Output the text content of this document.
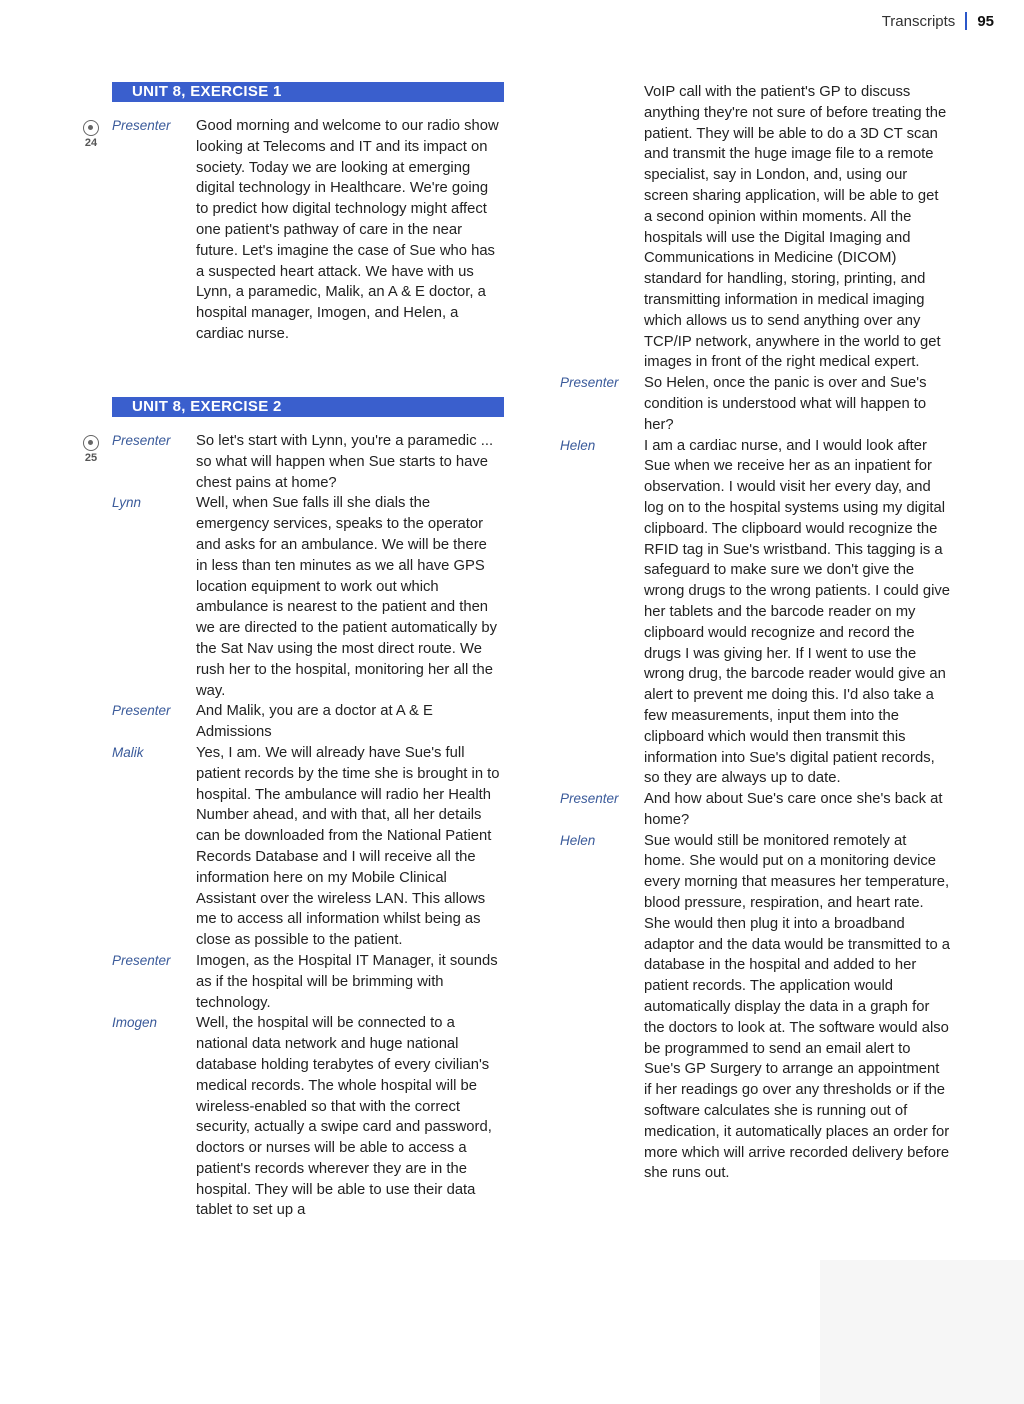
Transcripts 95
UNIT 8, EXERCISE 1
24
Presenter	Good morning and welcome to our radio show looking at Telecoms and IT and its impact on society. Today we are looking at emerging digital technology in Healthcare. We're going to predict how digital technology might affect one patient's pathway of care in the near future. Let's imagine the case of Sue who has a suspected heart attack. We have with us Lynn, a paramedic, Malik, an A & E doctor, a hospital manager, Imogen, and Helen, a cardiac nurse.

UNIT 8, EXERCISE 2
25
Presenter	So let's start with Lynn, you're a paramedic ... so what will happen when Sue starts to have chest pains at home?

Lynn	Well, when Sue falls ill she dials the emergency services, speaks to the operator and asks for an ambulance. We will be there in less than ten minutes as we all have GPS location equipment to work out which ambulance is nearest to the patient and then we are directed to the patient automatically by the Sat Nav using the most direct route. We rush her to the hospital, monitoring her all the way.

Presenter	And Malik, you are a doctor at A & E Admissions

Malik	Yes, I am. We will already have Sue's full patient records by the time she is brought in to hospital. The ambulance will radio her Health Number ahead, and with that, all her details can be downloaded from the National Patient Records Database and I will receive all the information here on my Mobile Clinical Assistant over the wireless LAN. This allows me to access all information whilst being as close as possible to the patient.

Presenter	Imogen, as the Hospital IT Manager, it sounds as if the hospital will be brimming with technology.

Imogen	Well, the hospital will be connected to a national data network and huge national database holding terabytes of every civilian's medical records. The whole hospital will be wireless-enabled so that with the correct security, actually a swipe card and password, doctors or nurses will be able to access a patient's records wherever they are in the hospital. They will be able to use their data tablet to set up a

VoIP call with the patient's GP to discuss anything they're not sure of before treating the patient. They will be able to do a 3D CT scan and transmit the huge image file to a remote specialist, say in London, and, using our screen sharing application, will be able to get a second opinion within moments. All the hospitals will use the Digital Imaging and Communications in Medicine (DICOM) standard for handling, storing, printing, and transmitting information in medical imaging which allows us to send anything over any TCP/IP network, anywhere in the world to get images in front of the right medical expert.

Presenter	So Helen, once the panic is over and Sue's condition is understood what will happen to her?

Helen	I am a cardiac nurse, and I would look after Sue when we receive her as an inpatient for observation. I would visit her every day, and log on to the hospital systems using my digital clipboard. The clipboard would recognize the RFID tag in Sue's wristband. This tagging is a safeguard to make sure we don't give the wrong drugs to the wrong patients. I could give her tablets and the barcode reader on my clipboard would recognize and record the drugs I was giving her. If I went to use the wrong drug, the barcode reader would give an alert to prevent me doing this. I'd also take a few measurements, input them into the clipboard which would then transmit this information into Sue's digital patient records, so they are always up to date.

Presenter	And how about Sue's care once she's back at home?

Helen	Sue would still be monitored remotely at home. She would put on a monitoring device every morning that measures her temperature, blood pressure, respiration, and heart rate. She would then plug it into a broadband adaptor and the data would be transmitted to a database in the hospital and added to her patient records. The application would automatically display the data in a graph for the doctors to look at. The software would also be programmed to send an email alert to Sue's GP Surgery to arrange an appointment if her readings go over any thresholds or if the software calculates she is running out of medication, it automatically places an order for more which will arrive recorded delivery before she runs out.
